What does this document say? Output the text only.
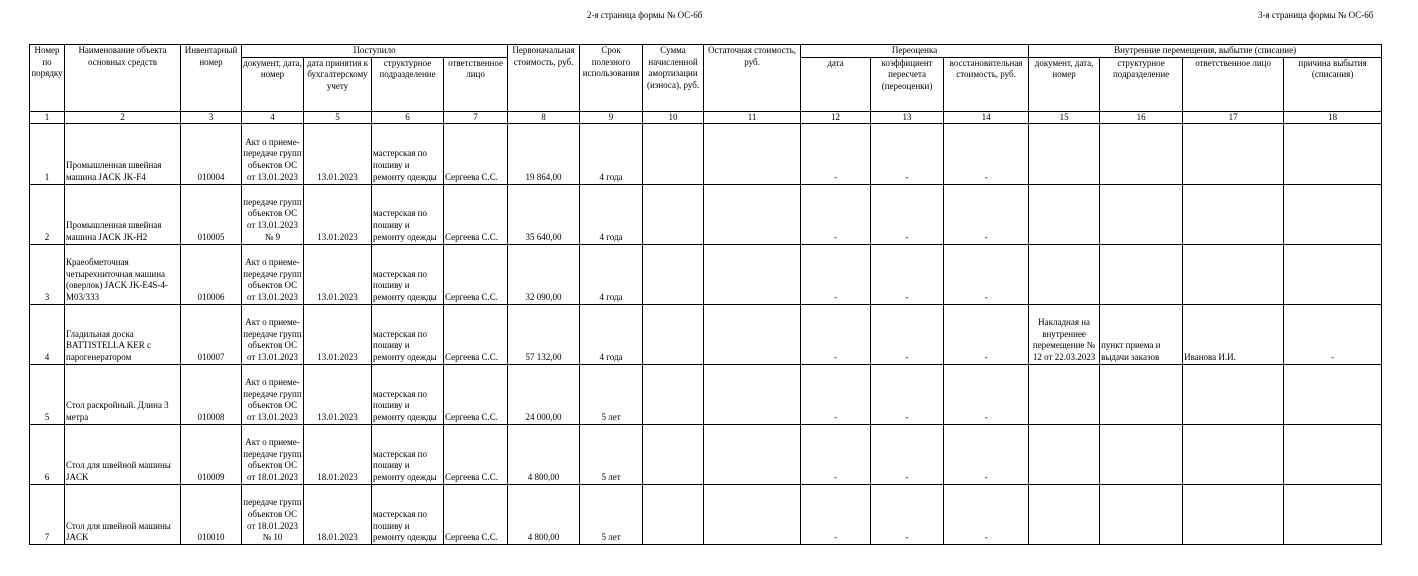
2-я страница формы № ОС-6б	3-я страница формы № ОС-6б
Номер по порядку	Наименование объекта основных средств	Инвентарный номер	Поступило				Первоначальная стоимость, руб.	Срок полезного использования	Сумма начисленной амортизации (износа), руб.	Остаточная стоимость, руб.	Переоценка			Внутренние перемещения, выбытие (списание)			
			документ, дата, номер	дата принятия к бухгалтерскому учету	структурное подразделение	ответственное лицо					дата	коэффициент пересчета (переоценки)	восстановительная стоимость, руб.	документ, дата, номер	структурное подразделение	ответственное лицо	причина выбытия (списания)
1	2	3	4	5	6	7	8	9	10	11	12	13	14	15	16	17	18
1	Промышленная швейная машина JACK JK-F4	010004	Акт о приеме-передаче групп объектов ОС от 13.01.2023	13.01.2023	мастерская по пошиву и ремонту одежды	Сергеева С.С.	19 864,00	4 года			-	-	-				
2	Промышленная швейная машина JACK JK-H2	010005	передаче групп объектов ОС от 13.01.2023 № 9	13.01.2023	мастерская по пошиву и ремонту одежды	Сергеева С.С.	35 640,00	4 года			-	-	-				
3	Краеобметочная четырехниточная машина (оверлок) JACK JK-E4S-4-M03/333	010006	Акт о приеме-передаче групп объектов ОС от 13.01.2023	13.01.2023	мастерская по пошиву и ремонту одежды	Сергеева С.С.	32 090,00	4 года			-	-	-				
4	Гладильная доска BATTISTELLA KER с парогенератором	010007	Акт о приеме-передаче групп объектов ОС от 13.01.2023	13.01.2023	мастерская по пошиву и ремонту одежды	Сергеева С.С.	57 132,00	4 года			-	-	-	Накладная на внутреннее перемещение № 12 от 22.03.2023	пункт приема и выдачи заказов	Иванова И.И.	-
5	Стол раскройный. Длина 3 метра	010008	Акт о приеме-передаче групп объектов ОС от 13.01.2023	13.01.2023	мастерская по пошиву и ремонту одежды	Сергеева С.С.	24 000,00	5 лет			-	-	-				
6	Стол для швейной машины JACK	010009	Акт о приеме-передаче групп объектов ОС от 18.01.2023	18.01.2023	мастерская по пошиву и ремонту одежды	Сергеева С.С.	4 800,00	5 лет			-	-	-				
7	Стол для швейной машины JACK	010010	передаче групп объектов ОС от 18.01.2023 № 10	18.01.2023	мастерская по пошиву и ремонту одежды	Сергеева С.С.	4 800,00	5 лет			-	-	-				
